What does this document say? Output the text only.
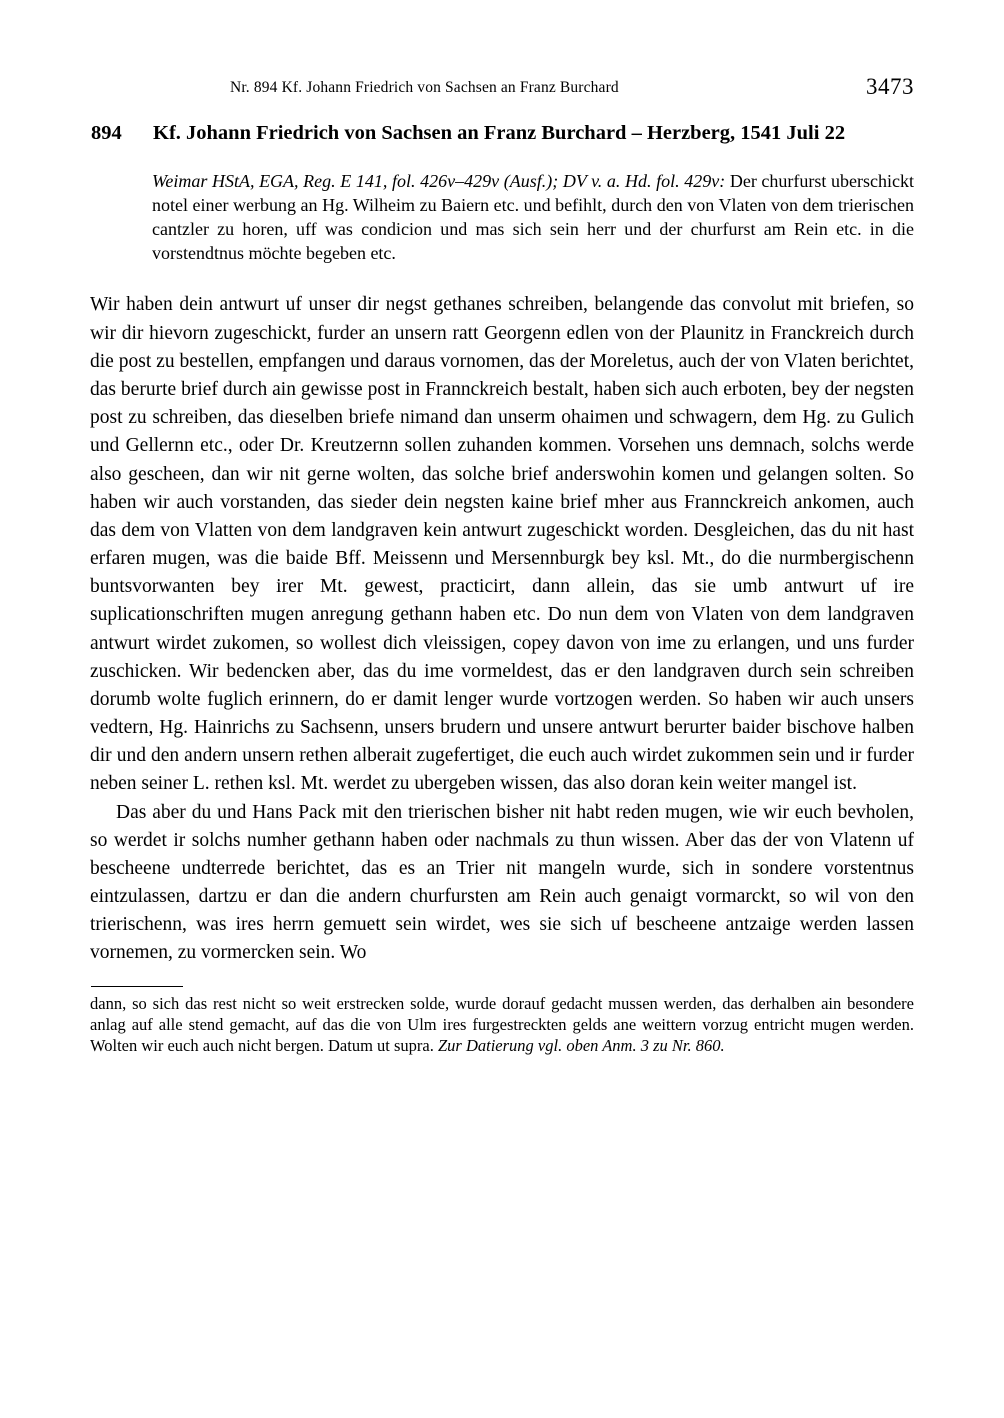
Nr. 894 Kf. Johann Friedrich von Sachsen an Franz Burchard	3473
894	Kf. Johann Friedrich von Sachsen an Franz Burchard – Herzberg, 1541 Juli 22
Weimar HStA, EGA, Reg. E 141, fol. 426v–429v (Ausf.); DV v. a. Hd. fol. 429v: Der churfurst uberschickt notel einer werbung an Hg. Wilheim zu Baiern etc. und befihlt, durch den von Vlaten von dem trierischen cantzler zu horen, uff was condicion und mas sich sein herr und der churfurst am Rein etc. in die vorstendtnus möchte begeben etc.

Wir haben dein antwurt uf unser dir negst gethanes schreiben, belangende das convolut mit briefen, so wir dir hievorn zugeschickt, furder an unsern ratt Georgenn edlen von der Plaunitz in Franckreich durch die post zu bestellen, empfangen und daraus vornomen, das der Moreletus, auch der von Vlaten berichtet, das berurte brief durch ain gewisse post in Frannckreich bestalt, haben sich auch erboten, bey der negsten post zu schreiben, das dieselben briefe nimand dan unserm ohaimen und schwagern, dem Hg. zu Gulich und Gellernn etc., oder Dr. Kreutzernn sollen zuhanden kommen. Vorsehen uns demnach, solchs werde also gescheen, dan wir nit gerne wolten, das solche brief anderswohin komen und gelangen solten. So haben wir auch vorstanden, das sieder dein negsten kaine brief mher aus Frannckreich ankomen, auch das dem von Vlatten von dem landgraven kein antwurt zugeschickt worden. Desgleichen, das du nit hast erfaren mugen, was die baide Bff. Meissenn und Mersennburgk bey ksl. Mt., do die nurmbergischenn buntsvorwanten bey irer Mt. gewest, practicirt, dann allein, das sie umb antwurt uf ire suplicationschriften mugen anregung gethann haben etc. Do nun dem von Vlaten von dem landgraven antwurt wirdet zukomen, so wollest dich vleissigen, copey davon von ime zu erlangen, und uns furder zuschicken. Wir bedencken aber, das du ime vormeldest, das er den landgraven durch sein schreiben dorumb wolte fuglich erinnern, do er damit lenger wurde vortzogen werden. So haben wir auch unsers vedtern, Hg. Hainrichs zu Sachsenn, unsers brudern und unsere antwurt berurter baider bischove halben dir und den andern unsern rethen alberait zugefertiget, die euch auch wirdet zukommen sein und ir furder neben seiner L. rethen ksl. Mt. werdet zu ubergeben wissen, das also doran kein weiter mangel ist.

Das aber du und Hans Pack mit den trierischen bisher nit habt reden mugen, wie wir euch bevholen, so werdet ir solchs numher gethann haben oder nachmals zu thun wissen. Aber das der von Vlatenn uf bescheene undterrede berichtet, das es an Trier nit mangeln wurde, sich in sondere vorstentnus eintzulassen, dartzu er dan die andern churfursten am Rein auch genaigt vormarckt, so wil von den trierischenn, was ires herrn gemuett sein wirdet, wes sie sich uf bescheene antzaige werden lassen vornemen, zu vormercken sein. Wo

dann, so sich das rest nicht so weit erstrecken solde, wurde dorauf gedacht mussen werden, das derhalben ain besondere anlag auf alle stend gemacht, auf das die von Ulm ires furgestreckten gelds ane weittern vorzug entricht mugen werden. Wolten wir euch auch nicht bergen. Datum ut supra. Zur Datierung vgl. oben Anm. 3 zu Nr. 860.
